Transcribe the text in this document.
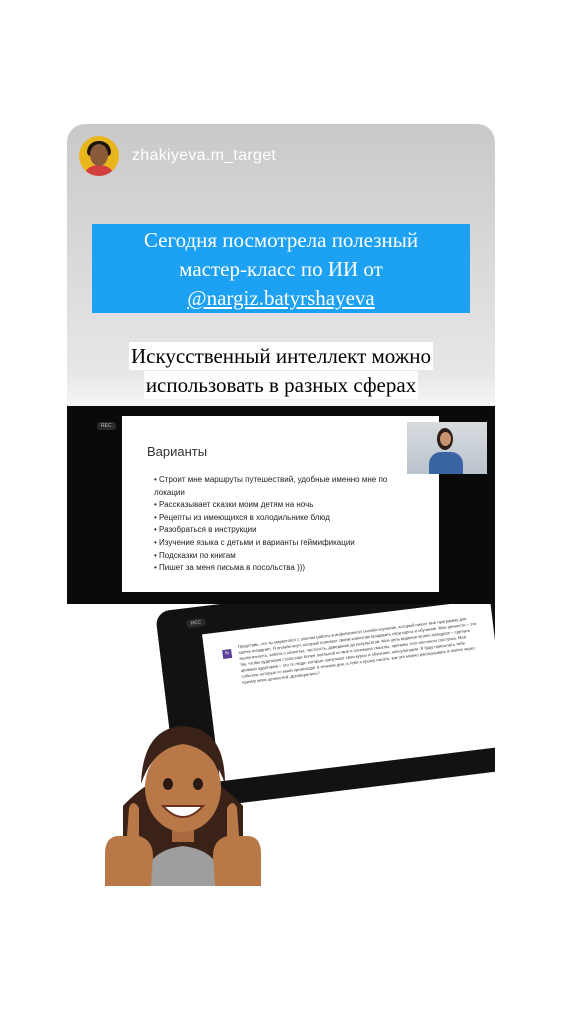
zhakiyeva.m_target
Сегодня посмотрела полезный
мастер-класс по ИИ от
@nargiz.batyrshayeva
Искусственный интеллект можно
использовать в разных сферах
REC
Варианты
• Строит мне маршруты путешествий, удобные именно мне по локации
• Рассказывает сказки моим детям на ночь
• Рецепты из имеющихся в холодильнике блюд
• Разобраться в инструкции
• Изучение языка с детьми и варианты геймификации
• Подсказки по книгам
• Пишет за меня письма в посольства )))
REC
N

Представь, что ты маркетолог с опытом работы в инфобизнесе/ онлайн-изучение, который пишет мне программу для stories Instagram. Я онлайн-коуч, который помогает своим клиентам продавать свои курсы и обучение. Мои ценности – это экологичность, забота о клиентах, честность, доведение до результатов. Моя цель ведения stories Instagram – сделать так, чтобы аудитория стала еще более лояльной ко мне и понимала смыслы, причины того или иного поступка. Моя целевая аудитория – это те люди, которые запускают свои курсы и обучение, консультации. Я буду присылать тебе события, которые со мной происходят в течение дня, а тебя я прошу писать, как это можно рассказывать в stories через призму моих ценностей. Договорились?
